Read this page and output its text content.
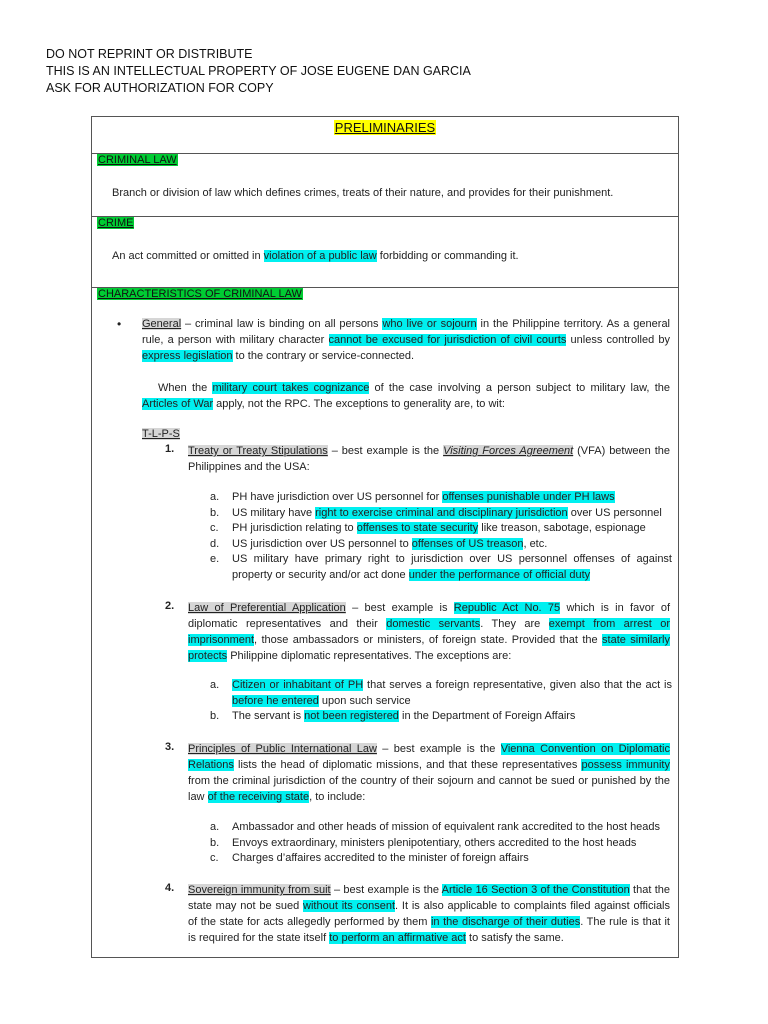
DO NOT REPRINT OR DISTRIBUTE
THIS IS AN INTELLECTUAL PROPERTY OF JOSE EUGENE DAN GARCIA
ASK FOR AUTHORIZATION FOR COPY
PRELIMINARIES
CRIMINAL LAW
Branch or division of law which defines crimes, treats of their nature, and provides for their punishment.
CRIME
An act committed or omitted in violation of a public law forbidding or commanding it.
CHARACTERISTICS OF CRIMINAL LAW
• General – criminal law is binding on all persons who live or sojourn in the Philippine territory. As a general rule, a person with military character cannot be excused for jurisdiction of civil courts unless controlled by express legislation to the contrary or service-connected.
When the military court takes cognizance of the case involving a person subject to military law, the Articles of War apply, not the RPC. The exceptions to generality are, to wit:
T-L-P-S
1. Treaty or Treaty Stipulations – best example is the Visiting Forces Agreement (VFA) between the Philippines and the USA:
a.	PH have jurisdiction over US personnel for offenses punishable under PH laws
b.	US military have right to exercise criminal and disciplinary jurisdiction over US personnel
c.	PH jurisdiction relating to offenses to state security like treason, sabotage, espionage
d.	US jurisdiction over US personnel to offenses of US treason, etc.
e.	US military have primary right to jurisdiction over US personnel offenses of against property or security and/or act done under the performance of official duty
2. Law of Preferential Application – best example is Republic Act No. 75 which is in favor of diplomatic representatives and their domestic servants. They are exempt from arrest or imprisonment, those ambassadors or ministers, of foreign state. Provided that the state similarly protects Philippine diplomatic representatives. The exceptions are:
a.	Citizen or inhabitant of PH that serves a foreign representative, given also that the act is before he entered upon such service
b.	The servant is not been registered in the Department of Foreign Affairs
3. Principles of Public International Law – best example is the Vienna Convention on Diplomatic Relations lists the head of diplomatic missions, and that these representatives possess immunity from the criminal jurisdiction of the country of their sojourn and cannot be sued or punished by the law of the receiving state, to include:
a.	Ambassador and other heads of mission of equivalent rank accredited to the host heads
b.	Envoys extraordinary, ministers plenipotentiary, others accredited to the host heads
c.	Charges d’affaires accredited to the minister of foreign affairs
4. Sovereign immunity from suit – best example is the Article 16 Section 3 of the Constitution that the state may not be sued without its consent. It is also applicable to complaints filed against officials of the state for acts allegedly performed by them in the discharge of their duties. The rule is that it is required for the state itself to perform an affirmative act to satisfy the same.
